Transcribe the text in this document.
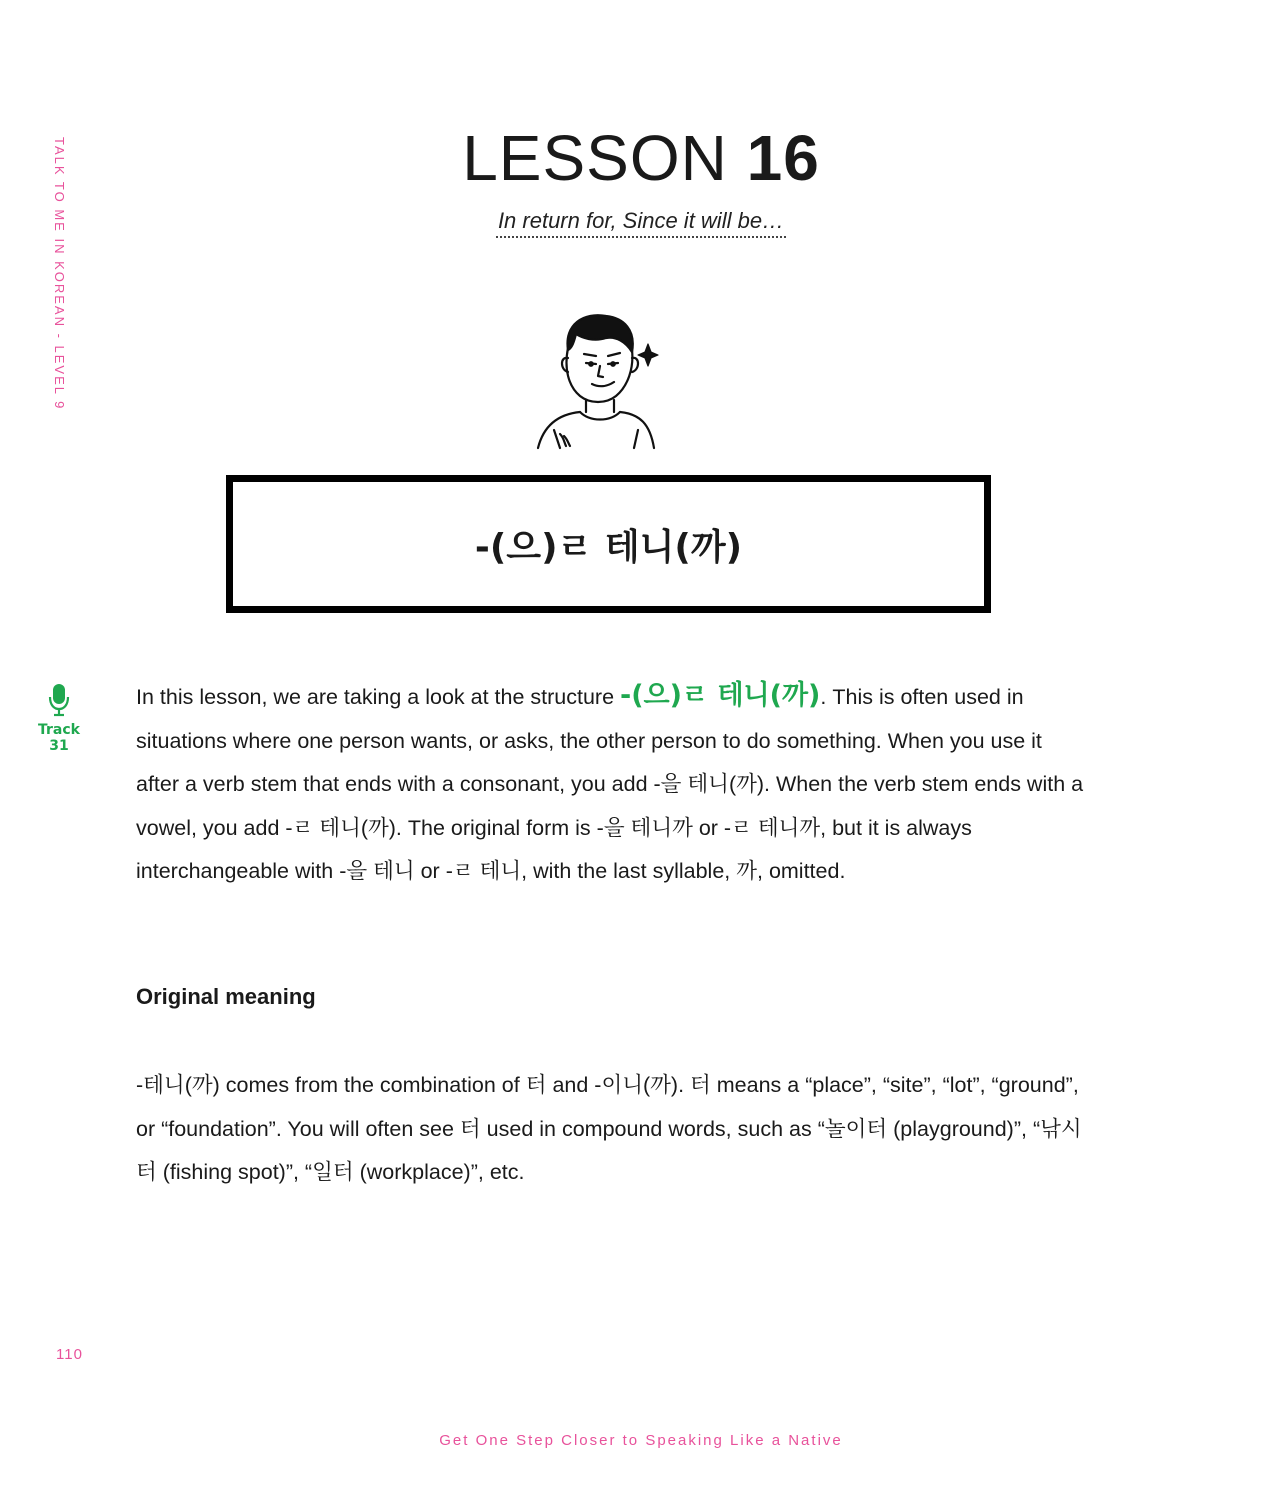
TALK TO ME IN KOREAN - LEVEL 9	LESSON 16
In return for, Since it will be…
-(으)ㄹ 테니(까)
Track
31

In this lesson, we are taking a look at the structure -(으)ㄹ 테니(까). This is often used in situations where one person wants, or asks, the other person to do something. When you use it after a verb stem that ends with a consonant, you add -을 테니(까). When the verb stem ends with a vowel, you add -ㄹ 테니(까). The original form is -을 테니까 or -ㄹ 테니까, but it is always interchangeable with -을 테니 or -ㄹ 테니, with the last syllable, 까, omitted.

Original meaning

-테니(까) comes from the combination of 터 and -이니(까). 터 means a “place”, “site”, “lot”, “ground”, or “foundation”. You will often see 터 used in compound words, such as “놀이터 (playground)”, “낚시터 (fishing spot)”, “일터 (workplace)”, etc.

110
Get One Step Closer to Speaking Like a Native
